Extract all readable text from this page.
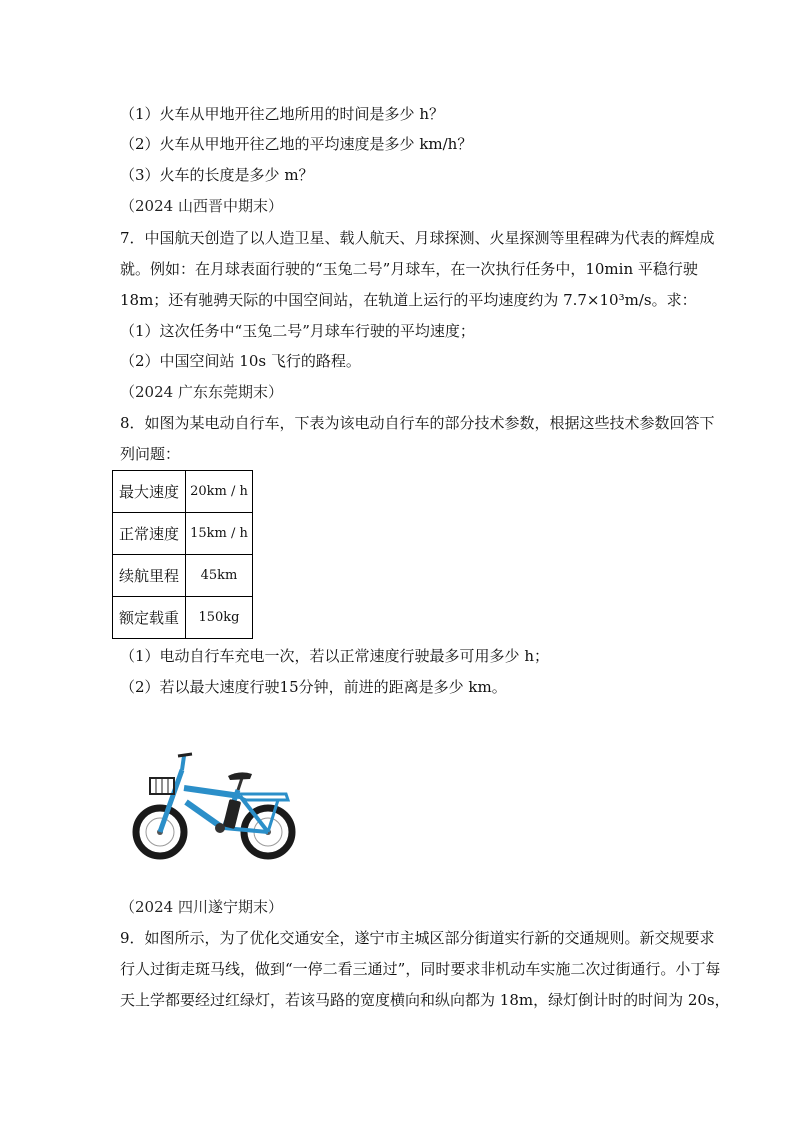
（1）火车从甲地开往乙地所用的时间是多少 h？
（2）火车从甲地开往乙地的平均速度是多少 km/h？
（3）火车的长度是多少 m？
（2024 山西晋中期末）
7．中国航天创造了以人造卫星、载人航天、月球探测、火星探测等里程碑为代表的辉煌成
就。例如：在月球表面行驶的“玉兔二号”月球车，在一次执行任务中，10min 平稳行驶
18m；还有驰骋天际的中国空间站，在轨道上运行的平均速度约为 7.7×10³m/s。求：
（1）这次任务中“玉兔二号”月球车行驶的平均速度；
（2）中国空间站 10s 飞行的路程。
（2024 广东东莞期末）
8．如图为某电动自行车，下表为该电动自行车的部分技术参数，根据这些技术参数回答下
列问题：
最大速度	20km / h
正常速度	15km / h
续航里程	45km
额定载重	150kg
（1）电动自行车充电一次，若以正常速度行驶最多可用多少 h；
（2）若以最大速度行驶15分钟，前进的距离是多少 km。
（2024 四川遂宁期末）
9．如图所示，为了优化交通安全，遂宁市主城区部分街道实行新的交通规则。新交规要求
行人过街走斑马线，做到“一停二看三通过”，同时要求非机动车实施二次过街通行。小丁每
天上学都要经过红绿灯，若该马路的宽度横向和纵向都为 18m，绿灯倒计时的时间为 20s，
